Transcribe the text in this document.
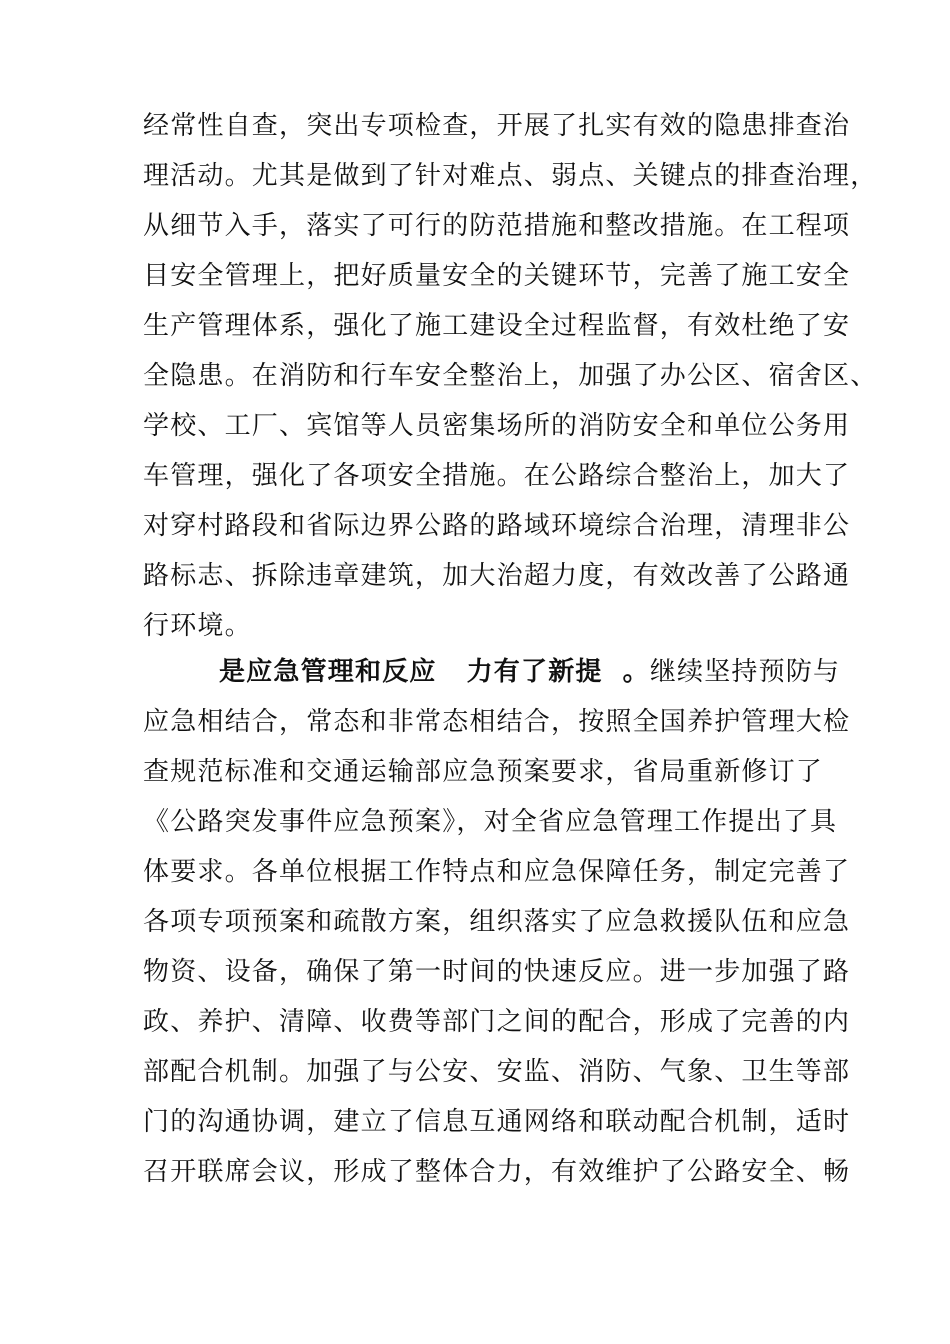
经常性自查，突出专项检查，开展了扎实有效的隐患排查治
理活动。尤其是做到了针对难点、弱点、关键点的排查治理，
从细节入手，落实了可行的防范措施和整改措施。在工程项
目安全管理上，把好质量安全的关键环节，完善了施工安全
生产管理体系，强化了施工建设全过程监督，有效杜绝了安
全隐患。在消防和行车安全整治上，加强了办公区、宿舍区、
学校、工厂、宾馆等人员密集场所的消防安全和单位公务用
车管理，强化了各项安全措施。在公路综合整治上，加大了
对穿村路段和省际边界公路的路域环境综合治理，清理非公
路标志、拆除违章建筑，加大治超力度，有效改善了公路通
行环境。
是应急管理和反应 力有了新提 。继续坚持预防与
应急相结合，常态和非常态相结合，按照全国养护管理大检
查规范标准和交通运输部应急预案要求，省局重新修订了
《公路突发事件应急预案》，对全省应急管理工作提出了具
体要求。各单位根据工作特点和应急保障任务，制定完善了
各项专项预案和疏散方案，组织落实了应急救援队伍和应急
物资、设备，确保了第一时间的快速反应。进一步加强了路
政、养护、清障、收费等部门之间的配合，形成了完善的内
部配合机制。加强了与公安、安监、消防、气象、卫生等部
门的沟通协调，建立了信息互通网络和联动配合机制，适时
召开联席会议，形成了整体合力，有效维护了公路安全、畅
